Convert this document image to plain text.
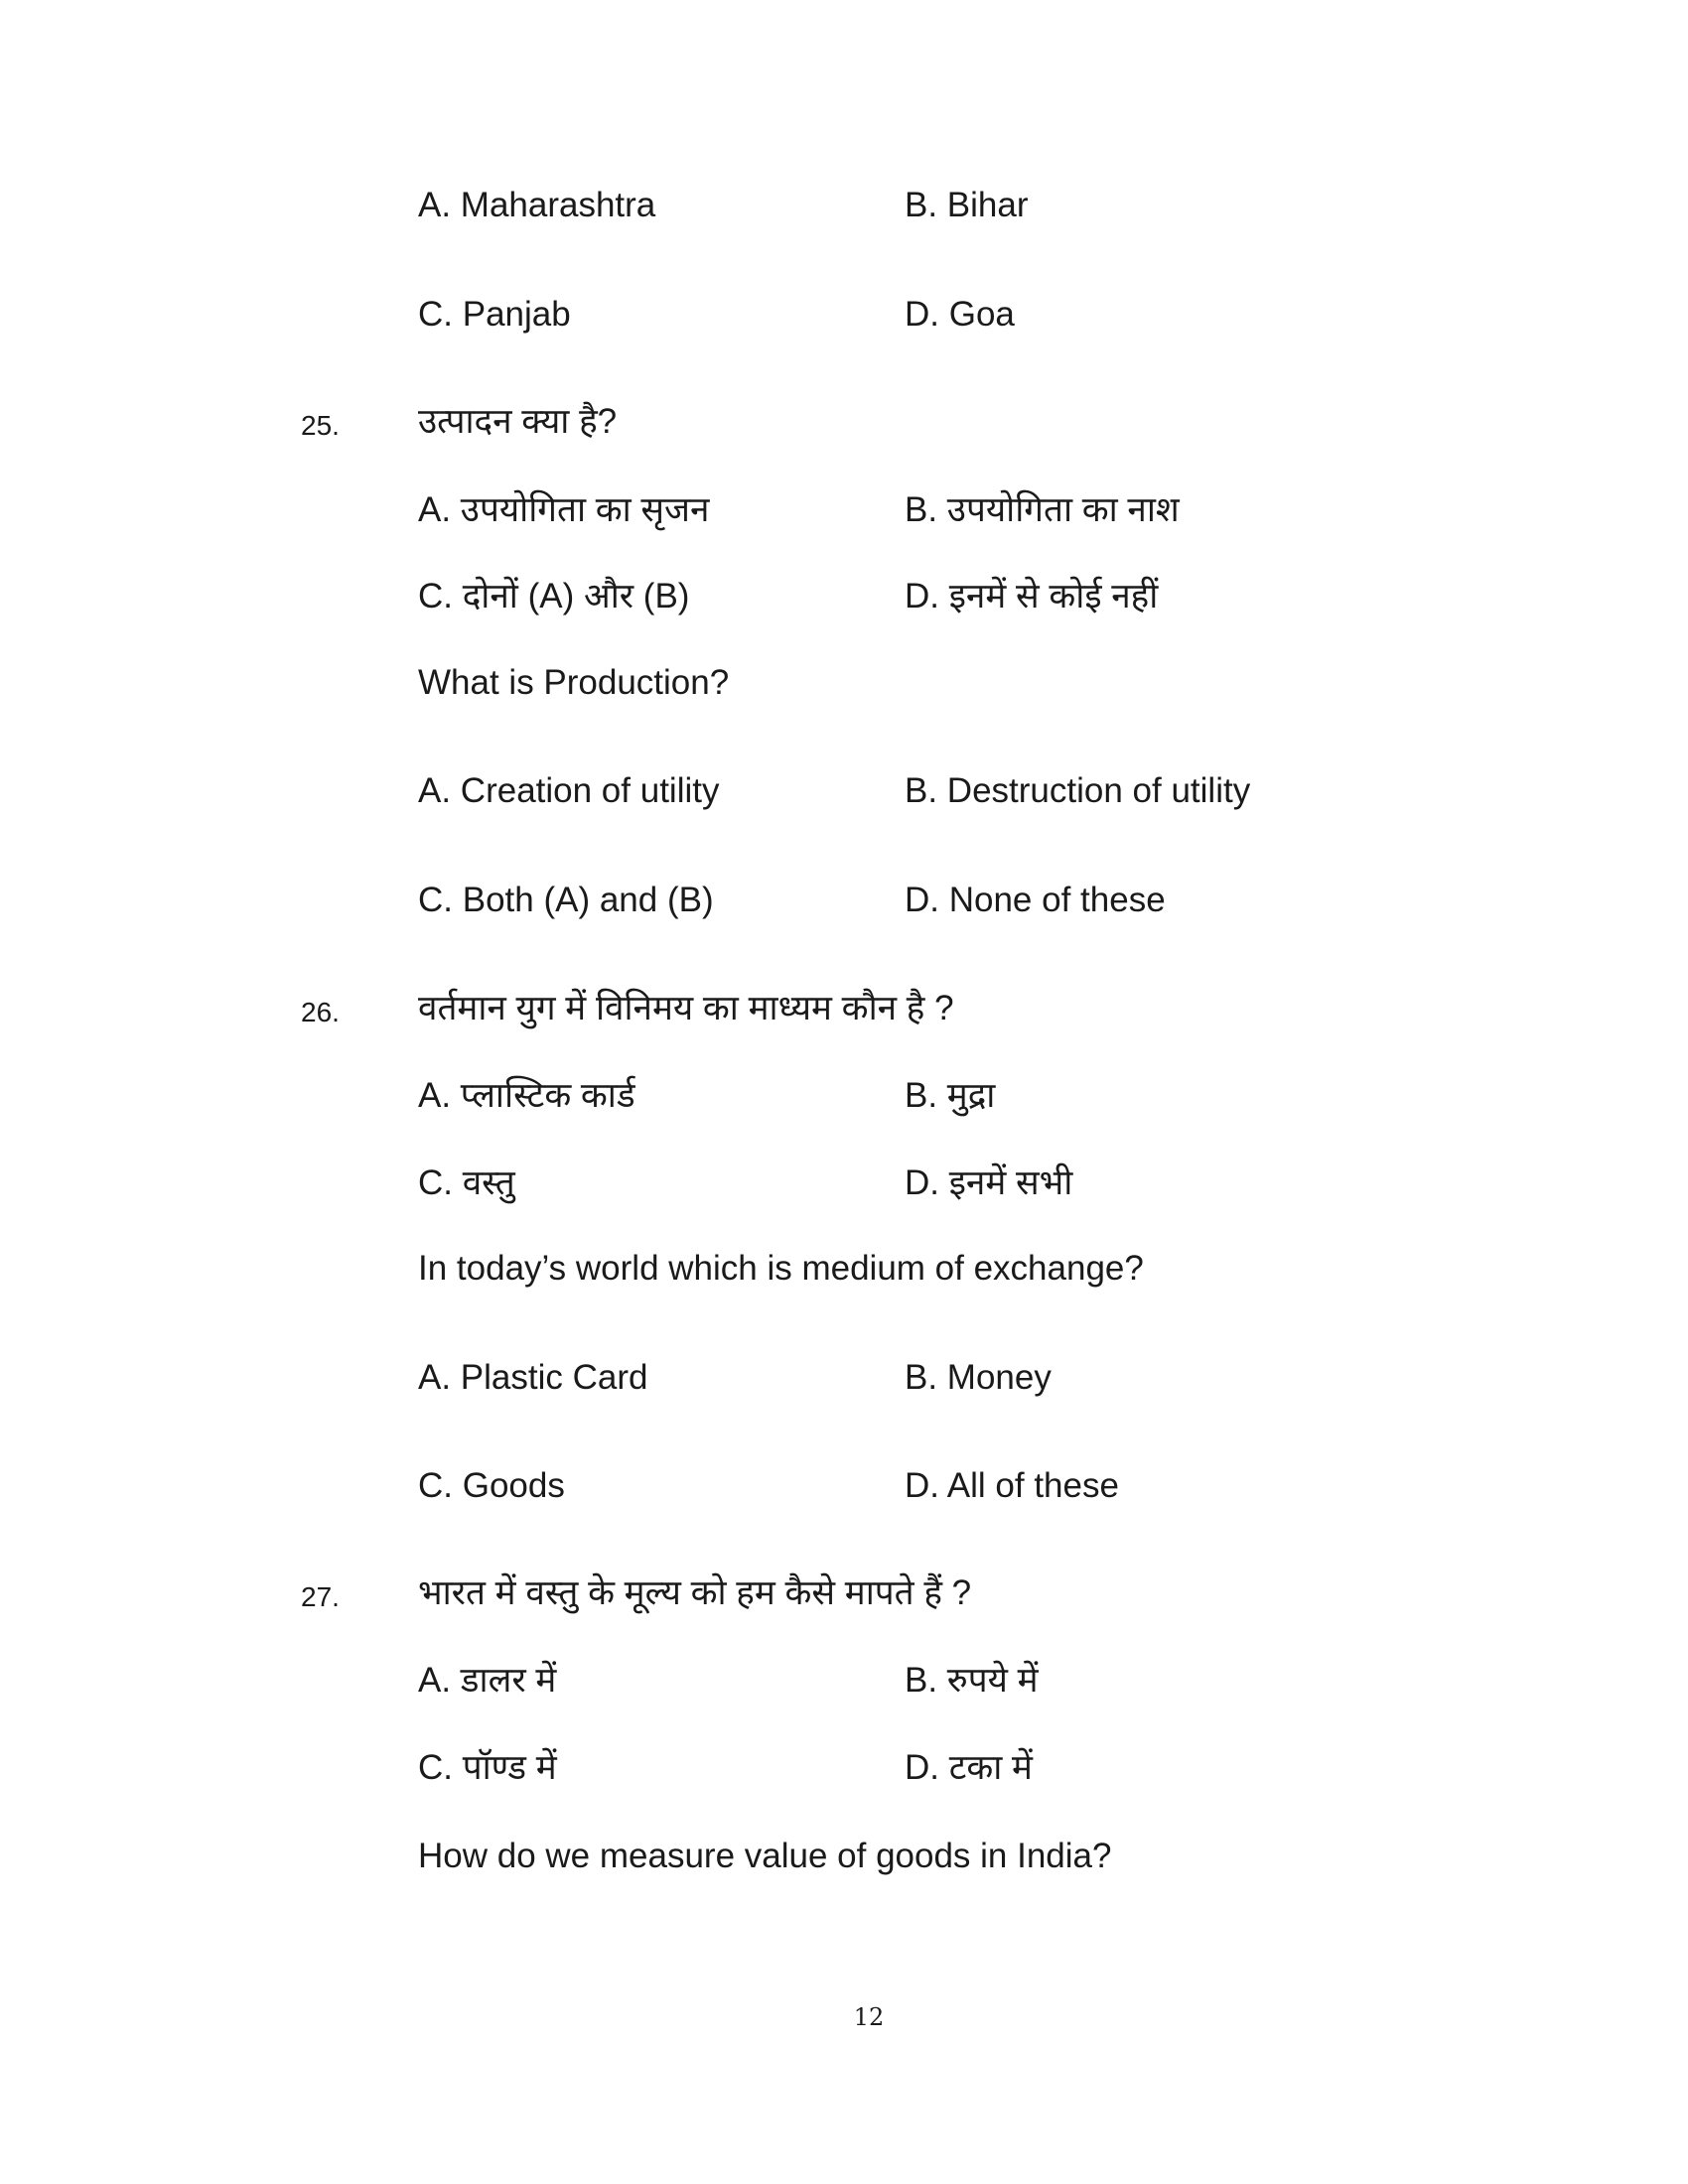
A. Maharashtra	B. Bihar
C. Panjab	D. Goa
25. उत्पादन क्या है?
A. उपयोगिता का सृजन	B. उपयोगिता का नाश
C. दोनों (A) और (B)	D. इनमें से कोई नहीं
What is Production?
A. Creation of utility	B. Destruction of utility
C. Both (A) and (B)	D. None of these
26. वर्तमान युग में विनिमय का माध्यम कौन है ?
A. प्लास्टिक कार्ड	B. मुद्रा
C. वस्तु	D. इनमें सभी
In today’s world which is medium of exchange?
A. Plastic Card	B. Money
C. Goods	D. All of these
27. भारत में वस्तु के मूल्य को हम कैसे मापते हैं ?
A. डालर में	B. रुपये में
C. पॉण्ड में	D. टका में
How do we measure value of goods in India?
12
